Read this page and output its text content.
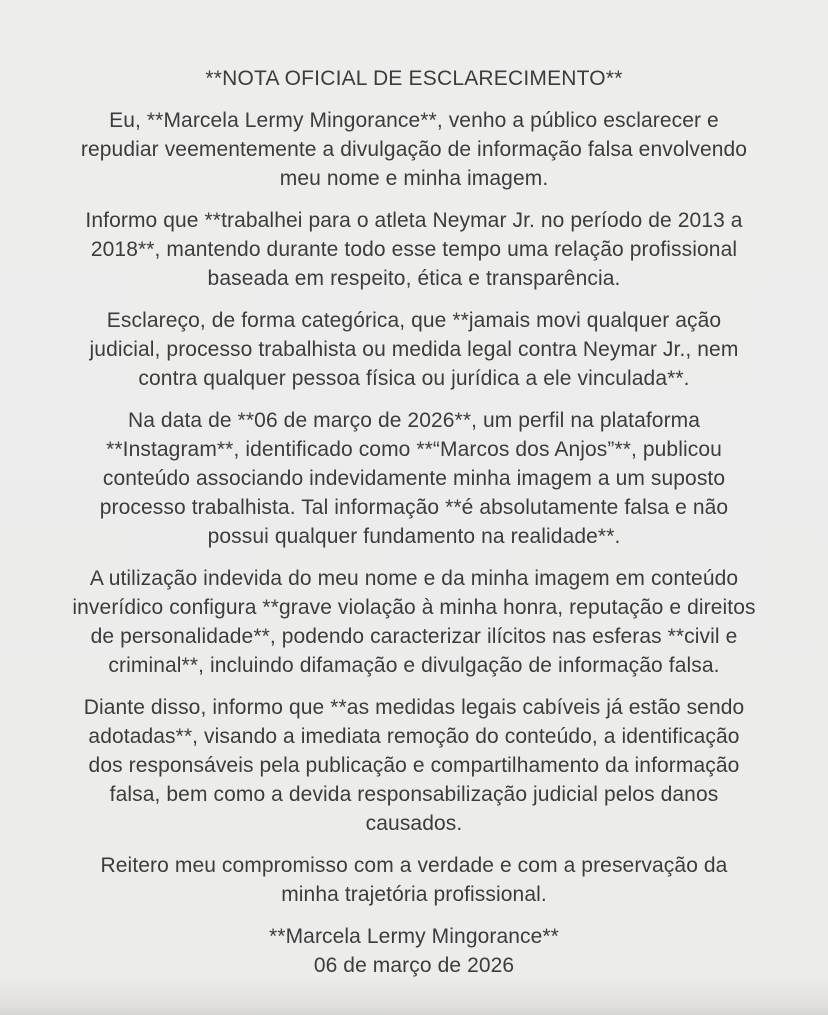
**NOTA OFICIAL DE ESCLARECIMENTO**

Eu, **Marcela Lermy Mingorance**, venho a público esclarecer e repudiar veementemente a divulgação de informação falsa envolvendo meu nome e minha imagem.

Informo que **trabalhei para o atleta Neymar Jr. no período de 2013 a 2018**, mantendo durante todo esse tempo uma relação profissional baseada em respeito, ética e transparência.

Esclareço, de forma categórica, que **jamais movi qualquer ação judicial, processo trabalhista ou medida legal contra Neymar Jr., nem contra qualquer pessoa física ou jurídica a ele vinculada**.

Na data de **06 de março de 2026**, um perfil na plataforma **Instagram**, identificado como **“Marcos dos Anjos”**, publicou conteúdo associando indevidamente minha imagem a um suposto processo trabalhista. Tal informação **é absolutamente falsa e não possui qualquer fundamento na realidade**.

A utilização indevida do meu nome e da minha imagem em conteúdo inverídico configura **grave violação à minha honra, reputação e direitos de personalidade**, podendo caracterizar ilícitos nas esferas **civil e criminal**, incluindo difamação e divulgação de informação falsa.

Diante disso, informo que **as medidas legais cabíveis já estão sendo adotadas**, visando a imediata remoção do conteúdo, a identificação dos responsáveis pela publicação e compartilhamento da informação falsa, bem como a devida responsabilização judicial pelos danos causados.

Reitero meu compromisso com a verdade e com a preservação da minha trajetória profissional.

**Marcela Lermy Mingorance**
06 de março de 2026
